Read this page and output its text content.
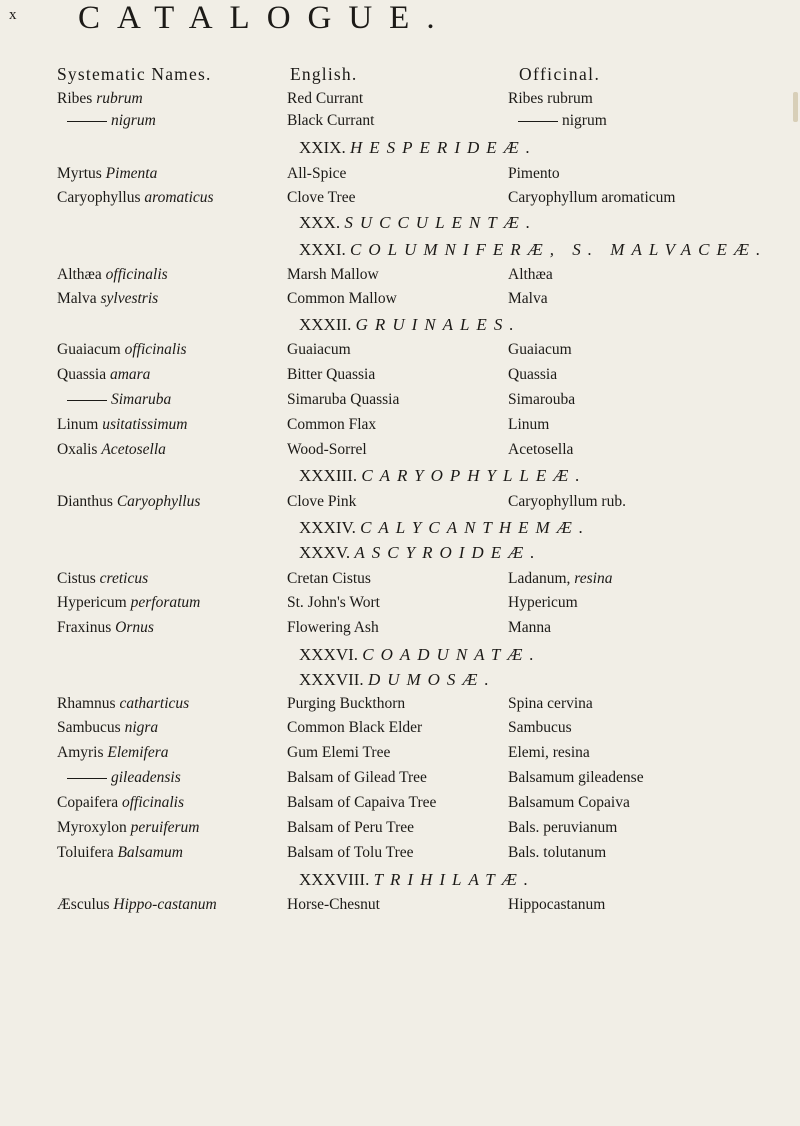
x CATALOGUE.
Systematic Names.	English.	Officinal.
Ribes rubrum	Red Currant	Ribes rubrum
nigrum	Black Currant	nigrum
XXIX. HESPERIDEÆ.
Myrtus Pimenta	All-Spice	Pimento
Caryophyllus aromaticus	Clove Tree	Caryophyllum aromaticum
XXX. SUCCULENTÆ.
XXXI. COLUMNIFERÆ, S. MALVACEÆ.
Althæa officinalis	Marsh Mallow	Althæa
Malva sylvestris	Common Mallow	Malva
XXXII. GRUINALES.
Guaiacum officinalis	Guaiacum	Guaiacum
Quassia amara	Bitter Quassia	Quassia
Simaruba	Simaruba Quassia	Simarouba
Linum usitatissimum	Common Flax	Linum
Oxalis Acetosella	Wood-Sorrel	Acetosella
XXXIII. CARYOPHYLLEÆ.
Dianthus Caryophyllus	Clove Pink	Caryophyllum rub.
XXXIV. CALYCANTHEMÆ.
XXXV. ASCYROIDEÆ.
Cistus creticus	Cretan Cistus	Ladanum, resina
Hypericum perforatum	St. John's Wort	Hypericum
Fraxinus Ornus	Flowering Ash	Manna
XXXVI. COADUNATÆ.
XXXVII. DUMOSÆ.
Rhamnus catharticus	Purging Buckthorn	Spina cervina
Sambucus nigra	Common Black Elder	Sambucus
Amyris Elemifera	Gum Elemi Tree	Elemi, resina
gileadensis	Balsam of Gilead Tree	Balsamum gileadense
Copaifera officinalis	Balsam of Capaiva Tree	Balsamum Copaiva
Myroxylon peruiferum	Balsam of Peru Tree	Bals. peruvianum
Toluifera Balsamum	Balsam of Tolu Tree	Bals. tolutanum
XXXVIII. TRIHILATÆ.
Æsculus Hippo-castanum	Horse-Chesnut	Hippocastanum
